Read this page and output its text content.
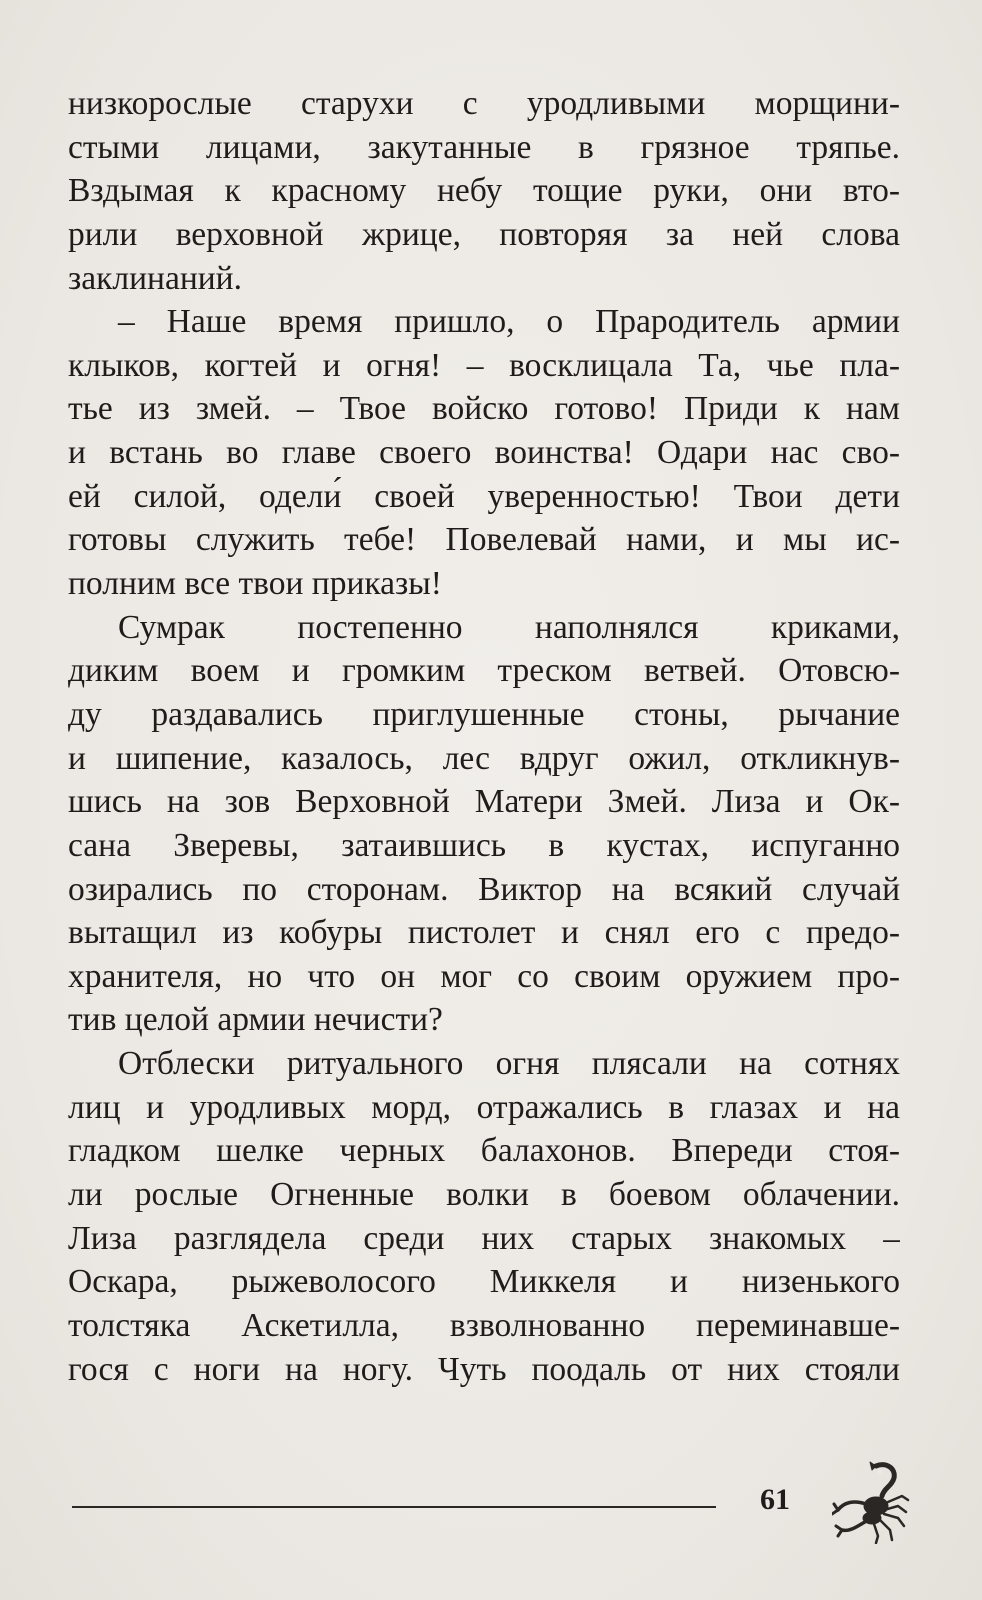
низкорослые старухи с уродливыми морщини-
стыми лицами, закутанные в грязное тряпье.
Вздымая к красному небу тощие руки, они вто-
рили верховной жрице, повторяя за ней слова
заклинаний.
– Наше время пришло, о Прародитель армии
клыков, когтей и огня! – восклицала Та, чье пла-
тье из змей. – Твое войско готово! Приди к нам
и встань во главе своего воинства! Одари нас сво-
ей силой, одели́ своей уверенностью! Твои дети
готовы служить тебе! Повелевай нами, и мы ис-
полним все твои приказы!
Сумрак постепенно наполнялся криками,
диким воем и громким треском ветвей. Отовсю-
ду раздавались приглушенные стоны, рычание
и шипение, казалось, лес вдруг ожил, откликнув-
шись на зов Верховной Матери Змей. Лиза и Ок-
сана Зверевы, затаившись в кустах, испуганно
озирались по сторонам. Виктор на всякий случай
вытащил из кобуры пистолет и снял его с предо-
хранителя, но что он мог со своим оружием про-
тив целой армии нечисти?
Отблески ритуального огня плясали на сотнях
лиц и уродливых морд, отражались в глазах и на
гладком шелке черных балахонов. Впереди стоя-
ли рослые Огненные волки в боевом облачении.
Лиза разглядела среди них старых знакомых –
Оскара, рыжеволосого Миккеля и низенького
толстяка Аскетилла, взволнованно переминавше-
гося с ноги на ногу. Чуть поодаль от них стояли
61
